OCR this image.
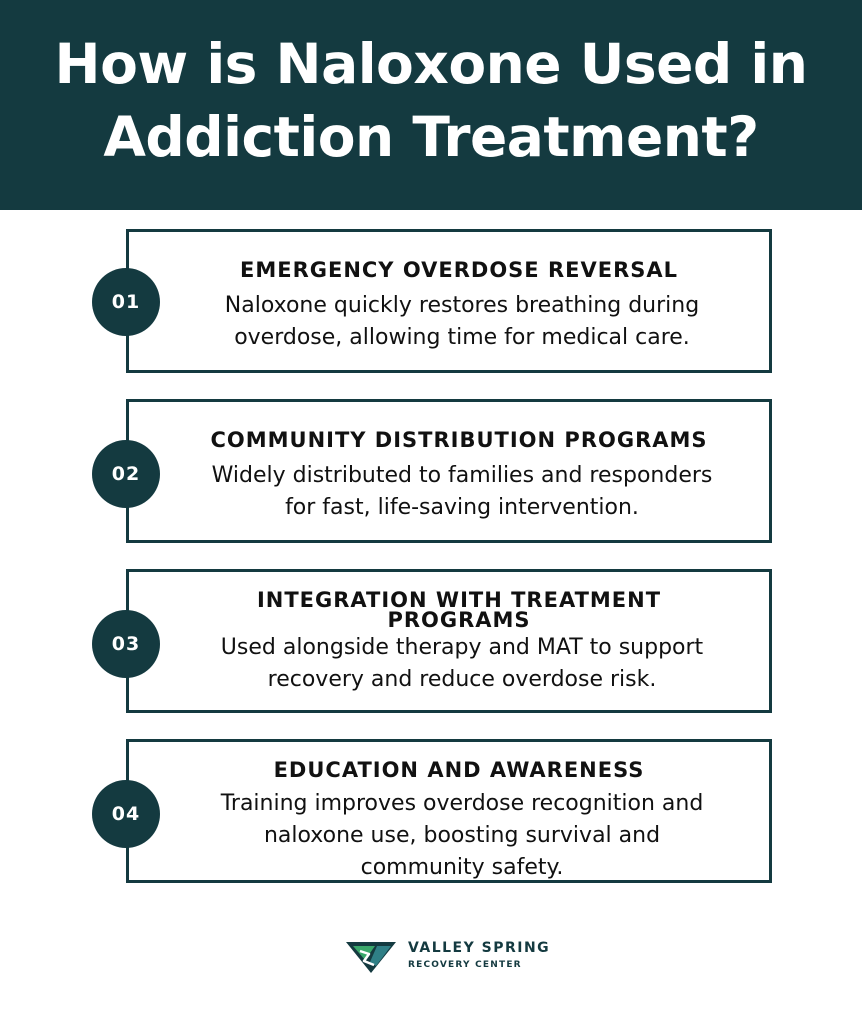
How is Naloxone Used in
Addiction Treatment?
EMERGENCY OVERDOSE REVERSAL
Naloxone quickly restores breathing during
overdose, allowing time for medical care.
01
COMMUNITY DISTRIBUTION PROGRAMS
Widely distributed to families and responders
for fast, life-saving intervention.
02
INTEGRATION WITH TREATMENT
PROGRAMS
Used alongside therapy and MAT to support
recovery and reduce overdose risk.
03
EDUCATION AND AWARENESS
Training improves overdose recognition and
naloxone use, boosting survival and
community safety.
04
VALLEY SPRING
RECOVERY CENTER
